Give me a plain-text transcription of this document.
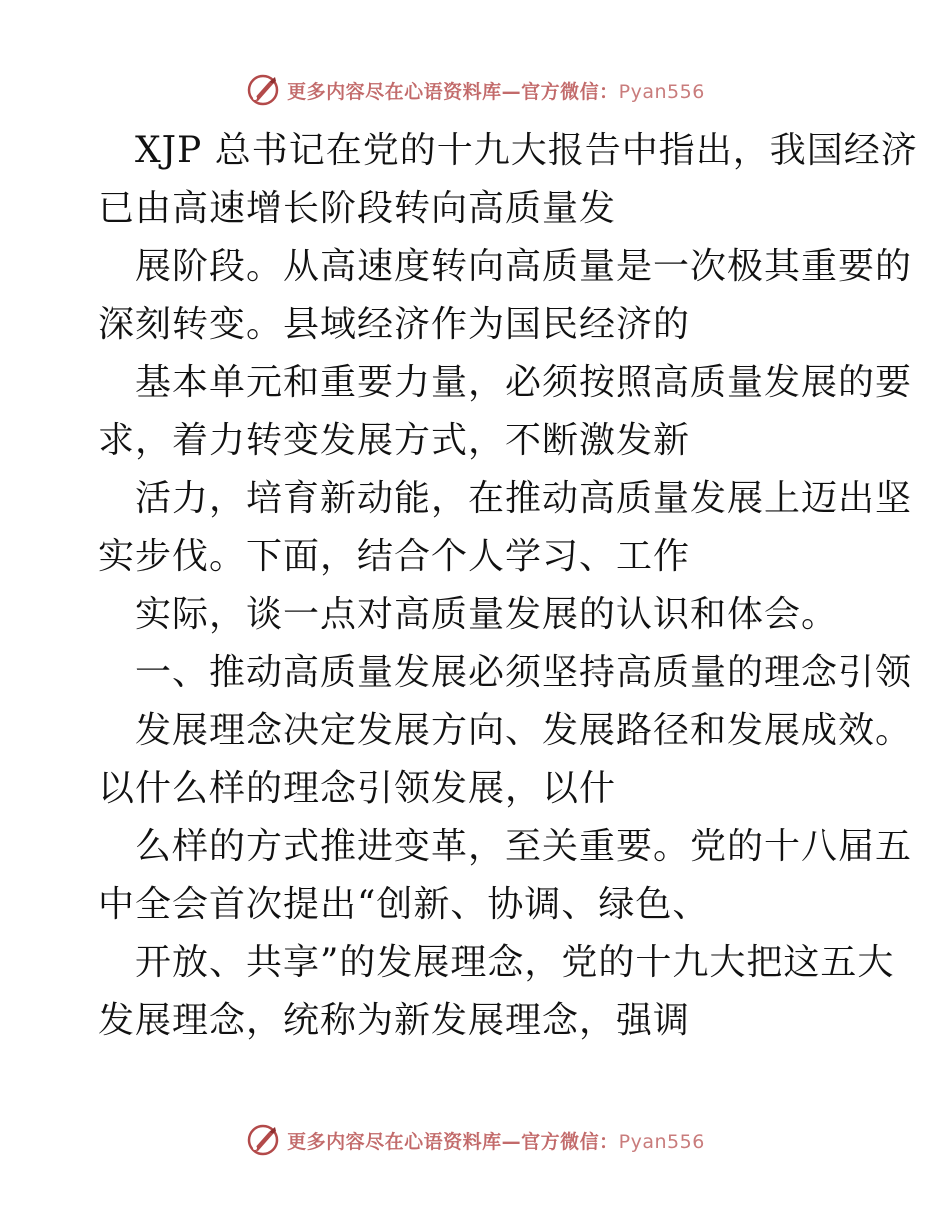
更多内容尽在心语资料库—官方微信：Pyan556
XJP 总书记在党的十九大报告中指出，我国经济
已由高速增长阶段转向高质量发
展阶段。从高速度转向高质量是一次极其重要的
深刻转变。县域经济作为国民经济的
基本单元和重要力量，必须按照高质量发展的要
求，着力转变发展方式，不断激发新
活力，培育新动能，在推动高质量发展上迈出坚
实步伐。下面，结合个人学习、工作
实际，谈一点对高质量发展的认识和体会。
一、推动高质量发展必须坚持高质量的理念引领
发展理念决定发展方向、发展路径和发展成效。
以什么样的理念引领发展，以什
么样的方式推进变革，至关重要。党的十八届五
中全会首次提出“创新、协调、绿色、
开放、共享”的发展理念，党的十九大把这五大
发展理念，统称为新发展理念，强调
更多内容尽在心语资料库—官方微信：Pyan556
